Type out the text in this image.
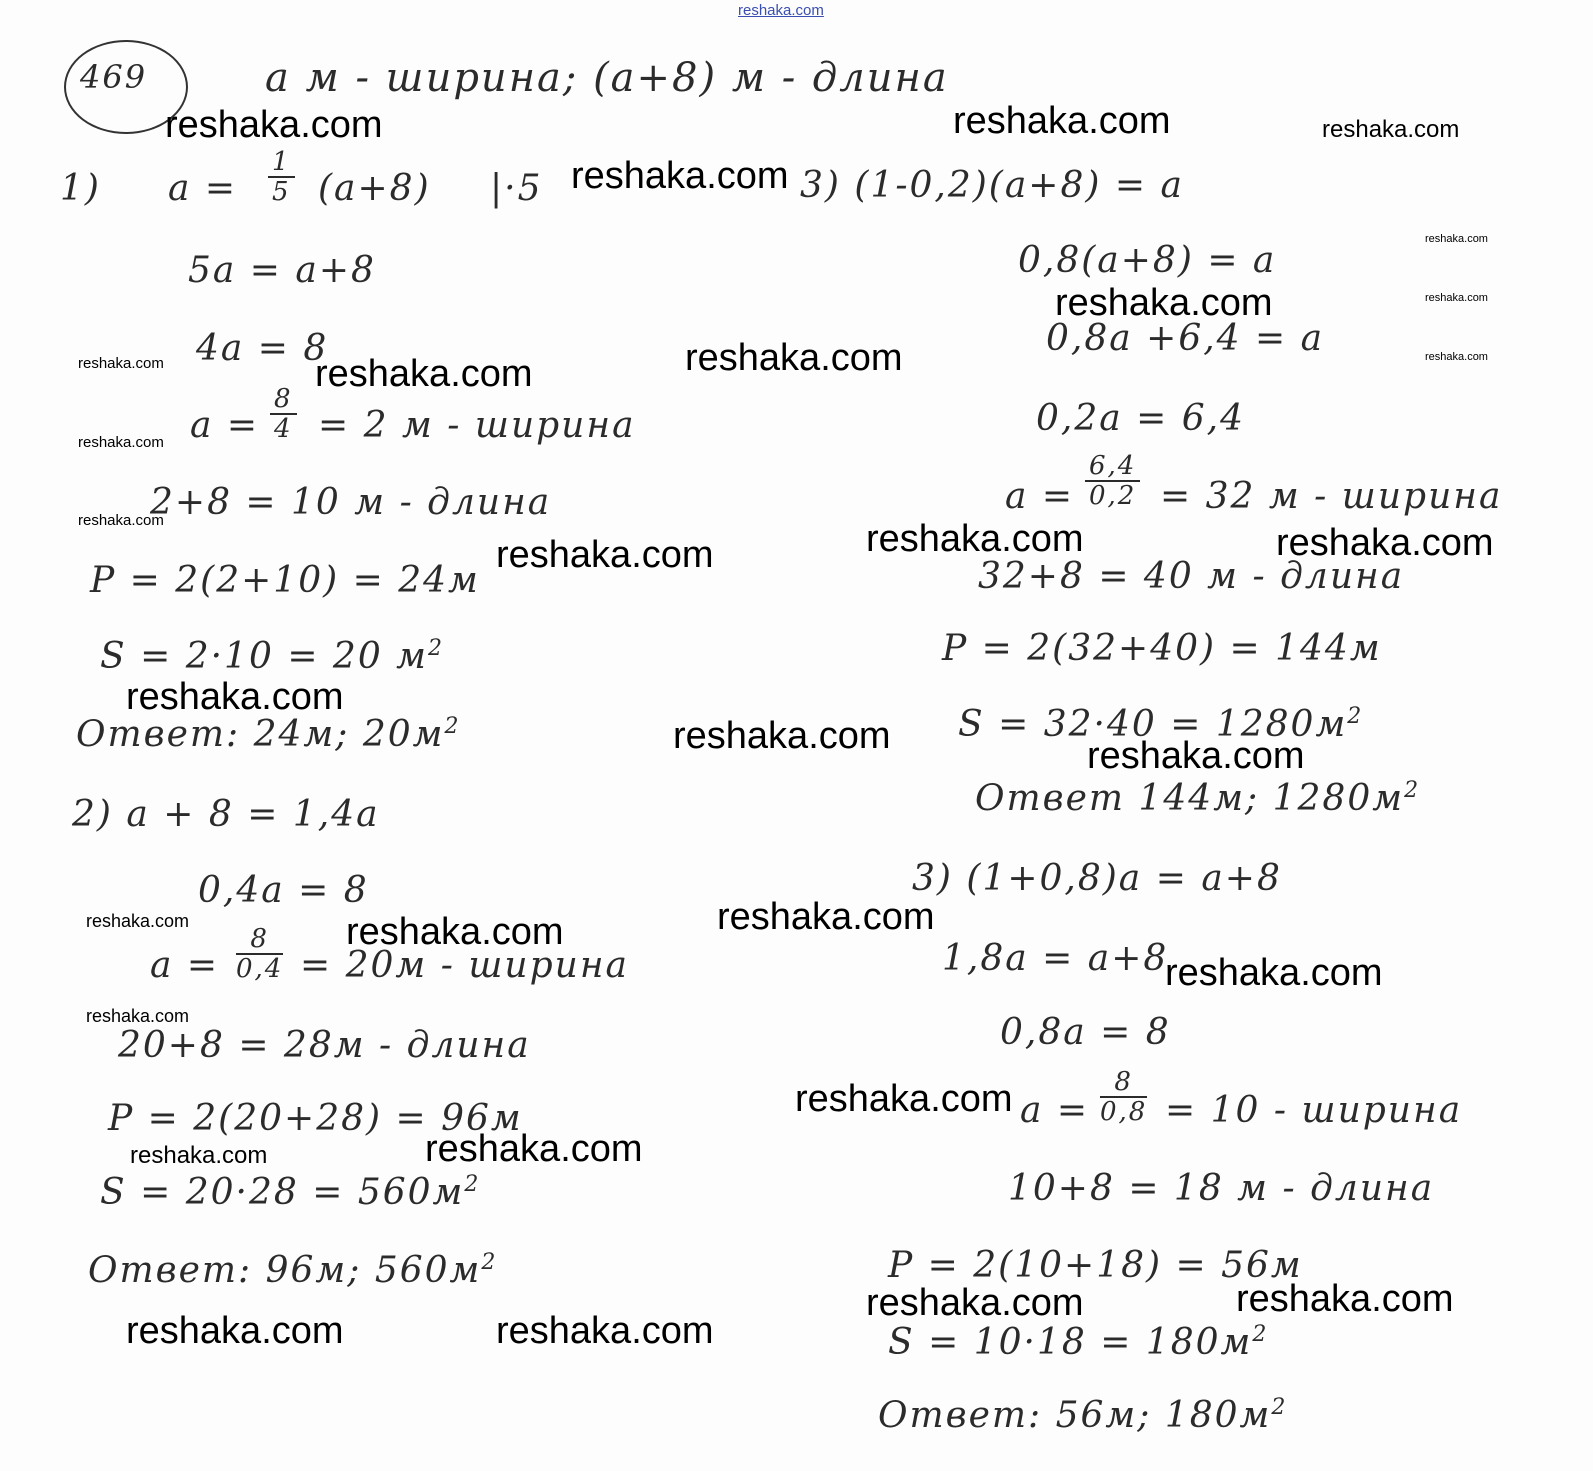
reshaka.com
469	a м - ширина; (a+8) м - длина
1) $a = \frac{1}{5} (a+8)$ |·5
5a = a+8
4a = 8
$a = \frac{8}{4} = 2$ м - ширина
2+8 = 10 м - длина
P = 2(2+10) = 24м
S = 2·10 = 20 $м^2$
Ответ: 24м; $20м^2$
2) a + 8 = 1,4a
0,4a = 8
$a = \frac{8}{0,4} = 20м$ - ширина
20+8 = 28м - длина
P = 2(20+28) = 96м
$S = 20\cdot 28 = 560м^2$
Ответ: 96м; $560м^2$
3) (1-0,2)(a+8) = a
0,8(a+8) = a
0,8a +6,4 = a
0,2a = 6,4
$a = \frac{6,4}{0,2} = 32$ м - ширина
32+8 = 40 м - длина
P = 2(32+40) = 144м
$S = 32\cdot 40 = 1280м^2$
Ответ 144м; $1280м^2$
3) (1+0,8)a = a+8
1,8a = a+8
0,8a = 8
$a = \frac{8}{0,8} = 10$ - ширина
10+8 = 18 м - длина
P = 2(10+18) = 56м
$S = 10\cdot 18 = 180м^2$
Ответ: 56м; $180м^2$
reshaka.com	reshaka.com	reshaka.com
reshaka.com
reshaka.com
reshaka.com
reshaka.com
reshaka.com
reshaka.com
reshaka.com
reshaka.com
reshaka.com
reshaka.com	reshaka.com	reshaka.com
reshaka.com
reshaka.com
reshaka.com	reshaka.com
reshaka.com
reshaka.com	reshaka.com
reshaka.com
reshaka.com
reshaka.com
reshaka.com
reshaka.com
reshaka.com	reshaka.com
reshaka.com	reshaka.com
